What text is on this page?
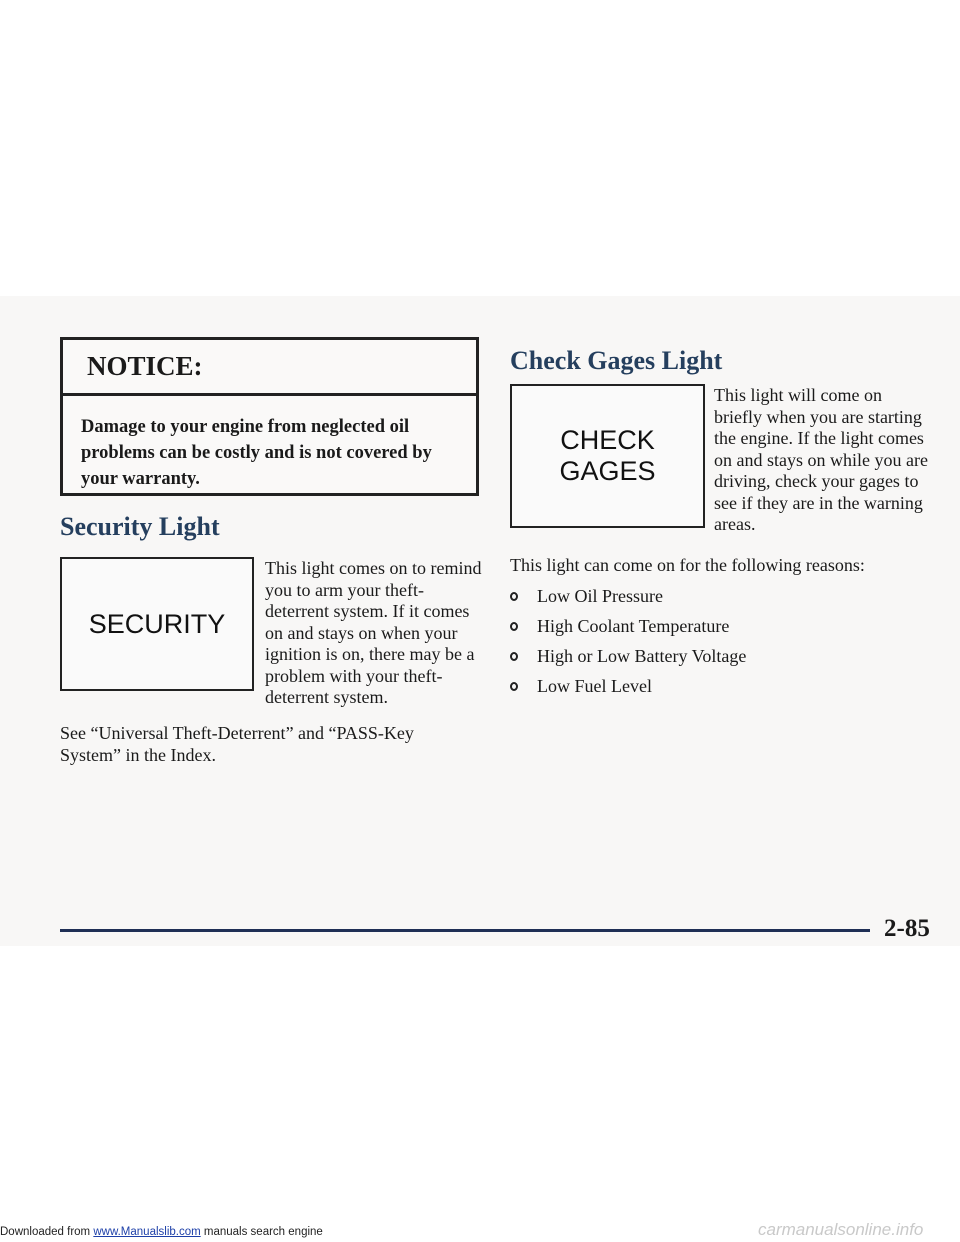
NOTICE:
Damage to your engine from neglected oil problems can be costly and is not covered by your warranty.
Security Light
SECURITY

This light comes on to remind you to arm your theft-deterrent system. If it comes on and stays on when your ignition is on, there may be a problem with your theft-deterrent system.

See “Universal Theft-Deterrent” and “PASS-Key System” in the Index.

Check Gages Light
CHECK
GAGES

This light will come on briefly when you are starting the engine. If the light comes on and stays on while you are driving, check your gages to see if they are in the warning areas.

This light can come on for the following reasons:

Low Oil Pressure
High Coolant Temperature
High or Low Battery Voltage
Low Fuel Level
2-85
Downloaded from www.Manualslib.com manuals search engine	carmanualsonline.info
